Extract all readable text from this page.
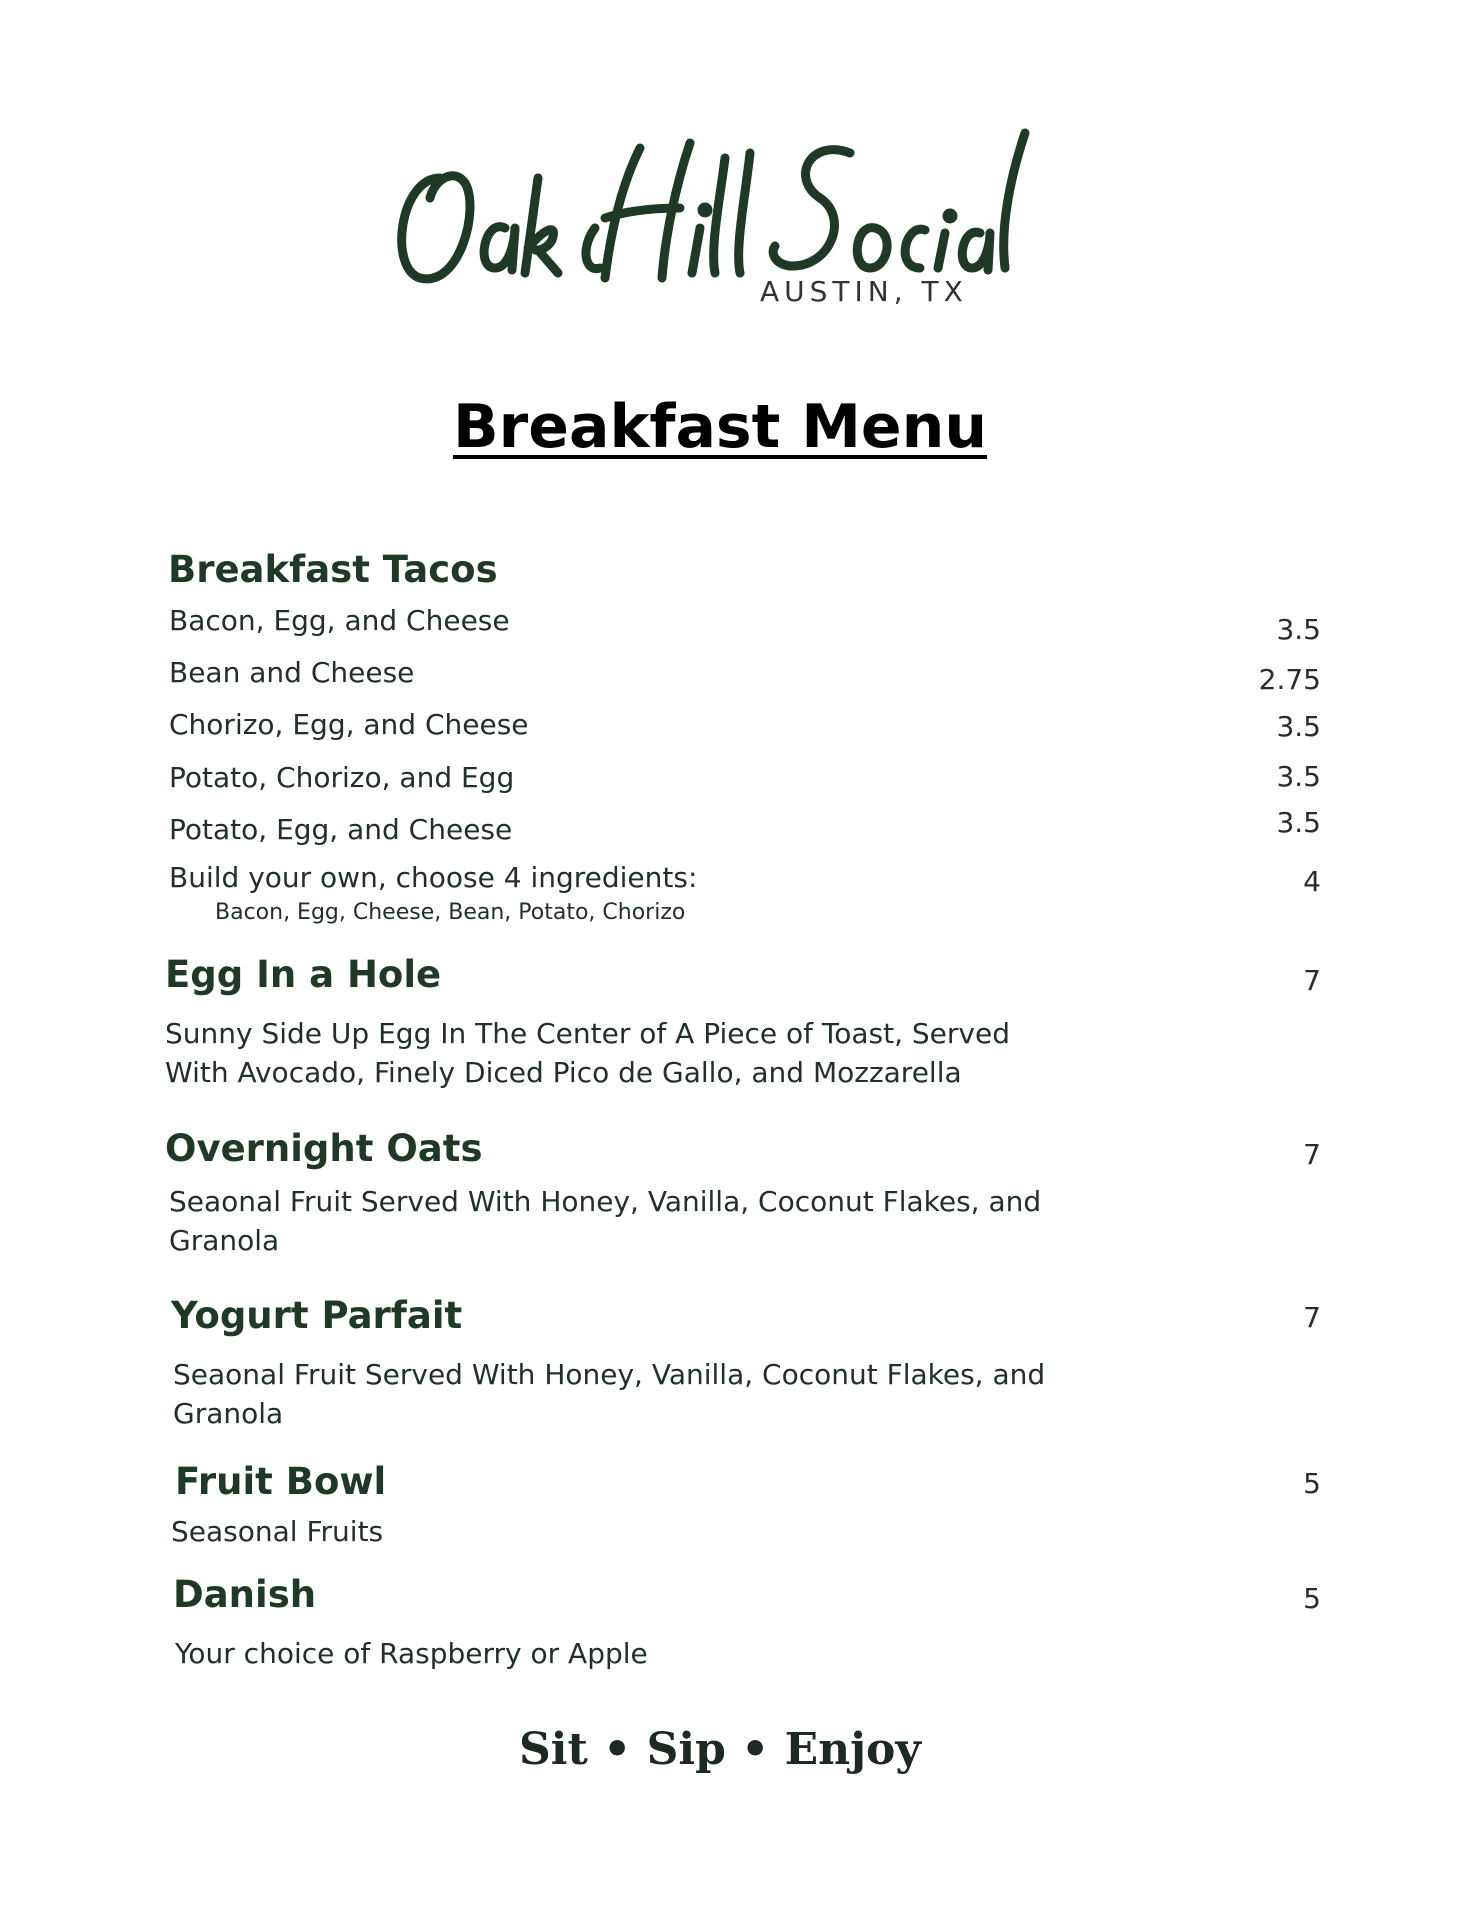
AUSTIN, TX
Breakfast Menu
Breakfast Tacos
Bacon, Egg, and Cheese	3.5
Bean and Cheese	2.75
Chorizo, Egg, and Cheese	3.5
Potato, Chorizo, and Egg	3.5
Potato, Egg, and Cheese	3.5
Build your own, choose 4 ingredients:	4
Bacon, Egg, Cheese, Bean, Potato, Chorizo
Egg In a Hole	7
Sunny Side Up Egg In The Center of A Piece of Toast, Served
With Avocado, Finely Diced Pico de Gallo, and Mozzarella
Overnight Oats	7
Seaonal Fruit Served With Honey, Vanilla, Coconut Flakes, and
Granola
Yogurt Parfait	7
Seaonal Fruit Served With Honey, Vanilla, Coconut Flakes, and
Granola
Fruit Bowl	5
Seasonal Fruits
Danish	5
Your choice of Raspberry or Apple
Sit • Sip • Enjoy
